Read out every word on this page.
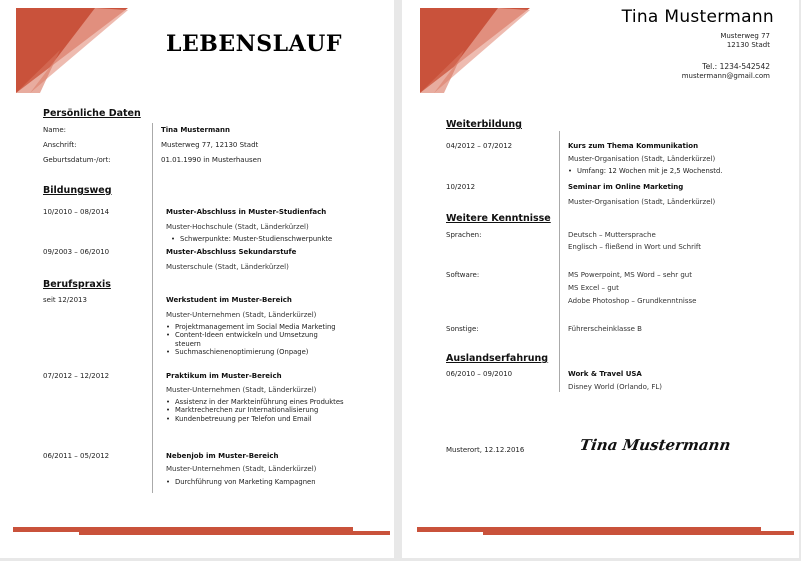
LEBENSLAUF
Persönliche Daten
Name:	Tina Mustermann
Anschrift:	Musterweg 77, 12130 Stadt
Geburtsdatum-/ort:	01.01.1990 in Musterhausen
Bildungsweg
10/2010 – 08/2014	Muster-Abschluss in Muster-Studienfach
Muster-Hochschule (Stadt, Länderkürzel)
• Schwerpunkte: Muster-Studienschwerpunkte
09/2003 – 06/2010	Muster-Abschluss Sekundarstufe
Musterschule (Stadt, Länderkürzel)
Berufspraxis
seit 12/2013	Werkstudent im Muster-Bereich
Muster-Unternehmen (Stadt, Länderkürzel)
• Projektmanagement im Social Media Marketing
• Content-Ideen entwickeln und Umsetzung steuern
• Suchmaschienenoptimierung (Onpage)
07/2012 – 12/2012	Praktikum im Muster-Bereich
Muster-Unternehmen (Stadt, Länderkürzel)
• Assistenz in der Markteinführung eines Produktes
• Marktrecherchen zur Internationalisierung
• Kundenbetreuung per Telefon und Email
06/2011 – 05/2012	Nebenjob im Muster-Bereich
Muster-Unternehmen (Stadt, Länderkürzel)
• Durchführung von Marketing Kampagnen
Tina Mustermann
Musterweg 77
12130 Stadt
Tel.: 1234-542542
mustermann@gmail.com
Weiterbildung
04/2012 – 07/2012	Kurs zum Thema Kommunikation
Muster-Organisation (Stadt, Länderkürzel)
• Umfang: 12 Wochen mit je 2,5 Wochenstd.
10/2012	Seminar im Online Marketing
Muster-Organisation (Stadt, Länderkürzel)
Weitere Kenntnisse
Sprachen:	Deutsch – Muttersprache
Englisch – fließend in Wort und Schrift
Software:	MS Powerpoint, MS Word – sehr gut
MS Excel – gut
Adobe Photoshop – Grundkenntnisse
Sonstige:	Führerscheinklasse B
Auslandserfahrung
06/2010 – 09/2010	Work & Travel USA
Disney World (Orlando, FL)
Musterort, 12.12.2016	Tina Mustermann
